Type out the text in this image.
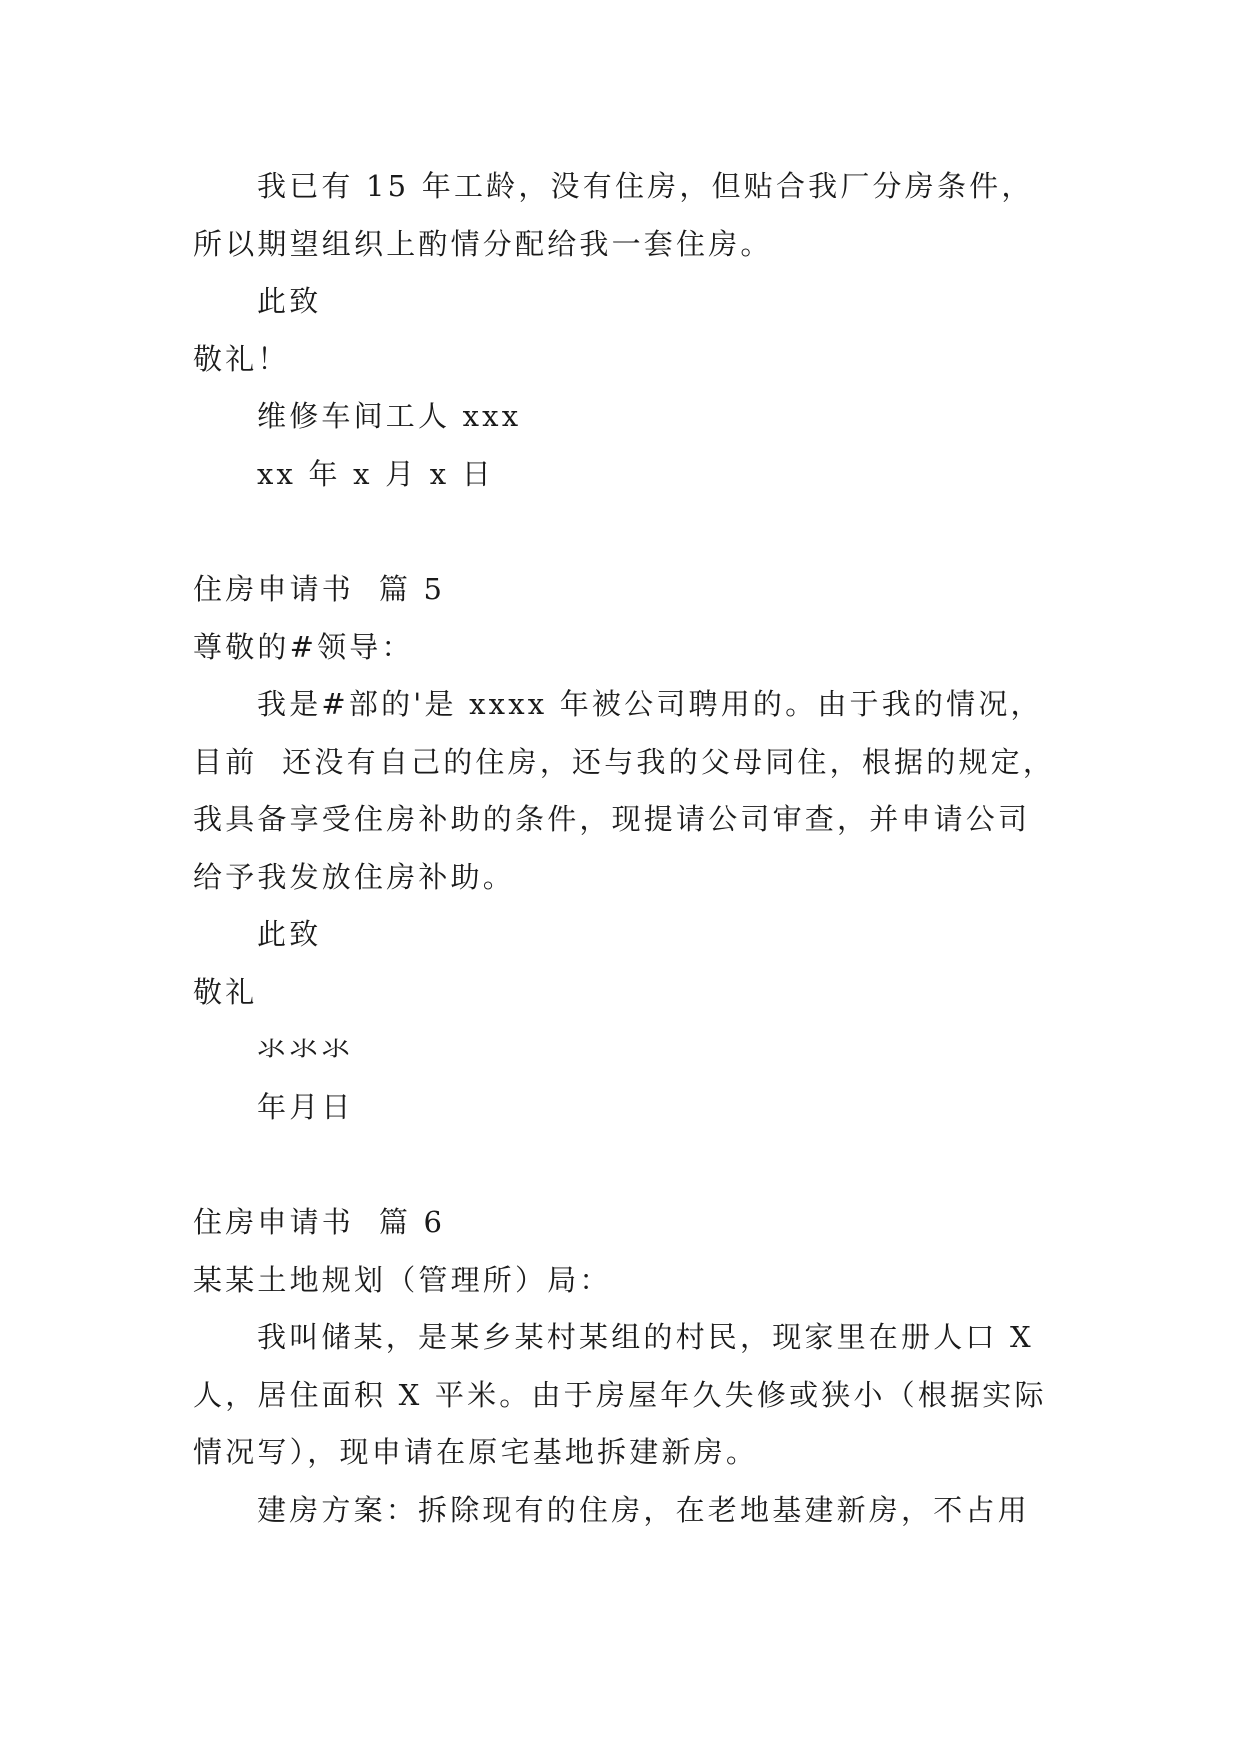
我已有 15 年工龄，没有住房，但贴合我厂分房条件，
所以期望组织上酌情分配给我一套住房。
此致
敬礼！
维修车间工人 xxx
xx 年 x 月 x 日
住房申请书  篇 5
尊敬的#领导：
我是#部的'是 xxxx 年被公司聘用的。由于我的情况，
目前  还没有自己的住房，还与我的父母同住，根据的规定，
我具备享受住房补助的条件，现提请公司审查，并申请公司
给予我发放住房补助。
此致
敬礼
氺氺氺
年月日
住房申请书  篇 6
某某土地规划（管理所）局：
我叫储某，是某乡某村某组的村民，现家里在册人口 X
人，居住面积 X 平米。由于房屋年久失修或狭小（根据实际
情况写），现申请在原宅基地拆建新房。
建房方案：拆除现有的住房，在老地基建新房，不占用
